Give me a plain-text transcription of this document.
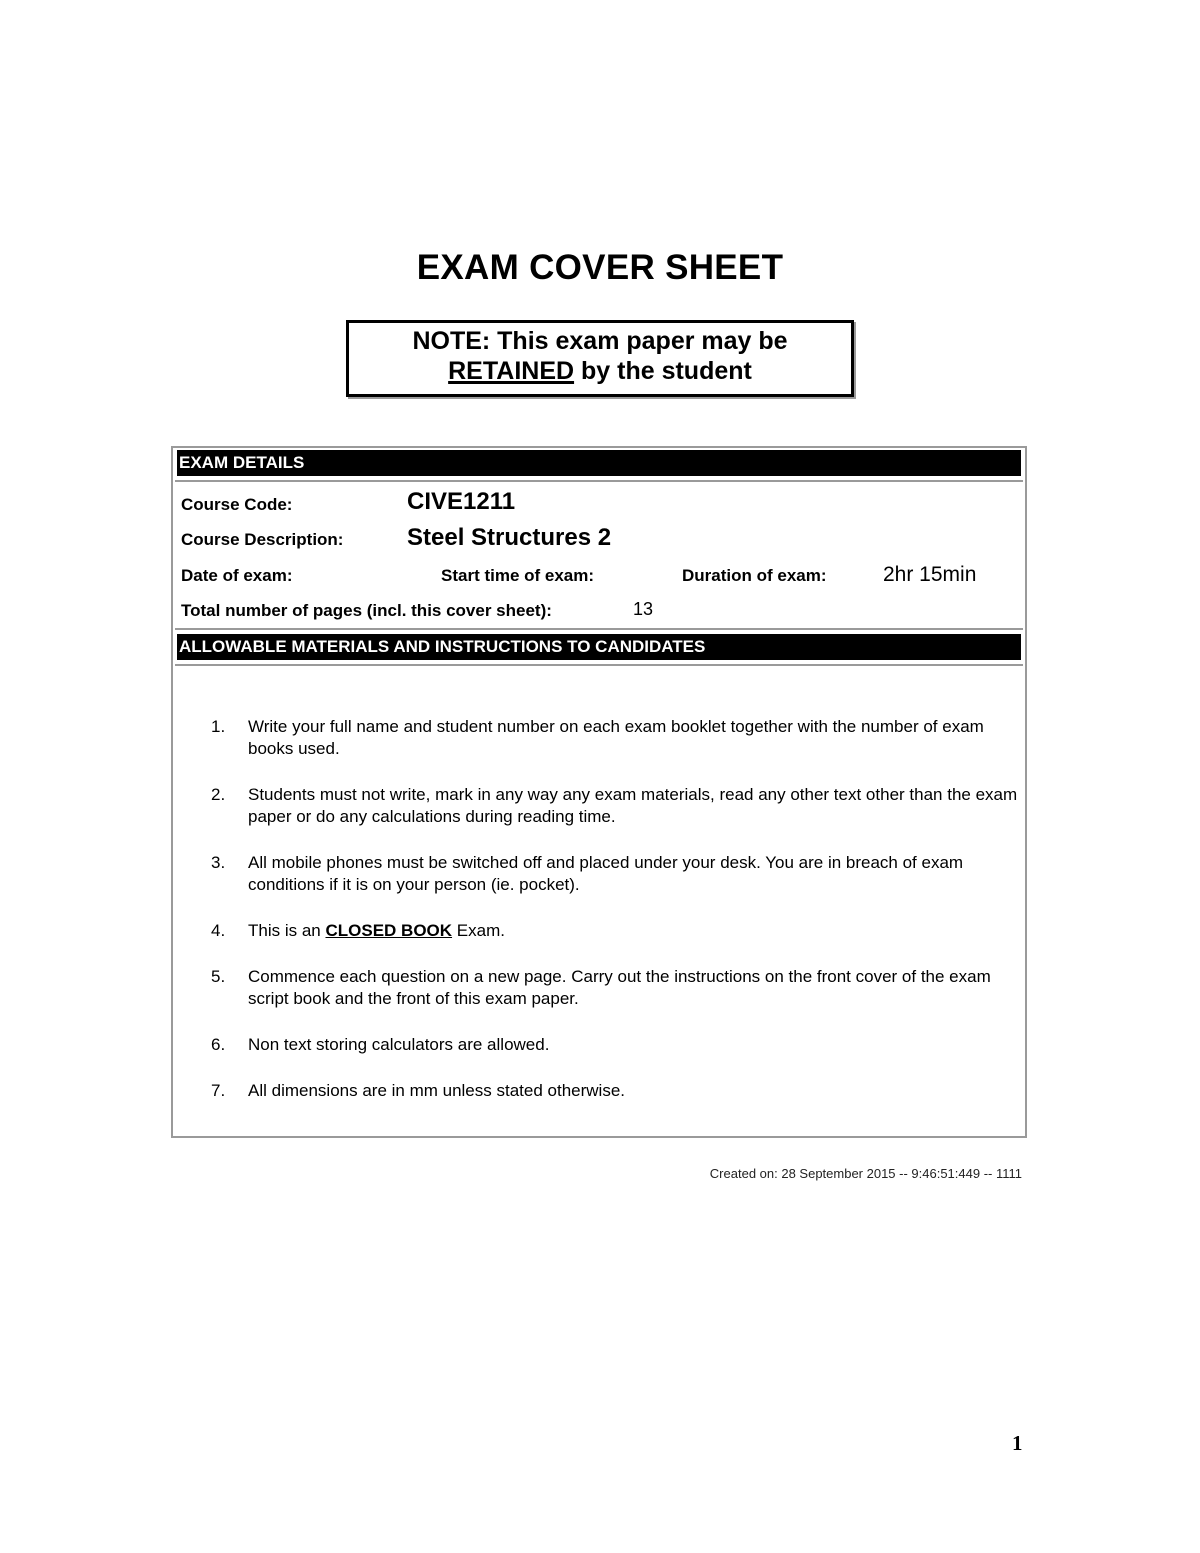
EXAM COVER SHEET
NOTE: This exam paper may be
RETAINED by the student
EXAM DETAILS
Course Code:	CIVE1211
Course Description:	Steel Structures 2
Date of exam:	Start time of exam:	Duration of exam:	2hr 15min
Total number of pages (incl. this cover sheet):	13
ALLOWABLE MATERIALS AND INSTRUCTIONS TO CANDIDATES
1. Write your full name and student number on each exam booklet together with the number of exam books used.
2. Students must not write, mark in any way any exam materials, read any other text other than the exam paper or do any calculations during reading time.
3. All mobile phones must be switched off and placed under your desk. You are in breach of exam conditions if it is on your person (ie. pocket).
4. This is an CLOSED BOOK Exam.
5. Commence each question on a new page. Carry out the instructions on the front cover of the exam script book and the front of this exam paper.
6. Non text storing calculators are allowed.
7. All dimensions are in mm unless stated otherwise.
Created on: 28 September 2015 -- 9:46:51:449 -- 1111
1
